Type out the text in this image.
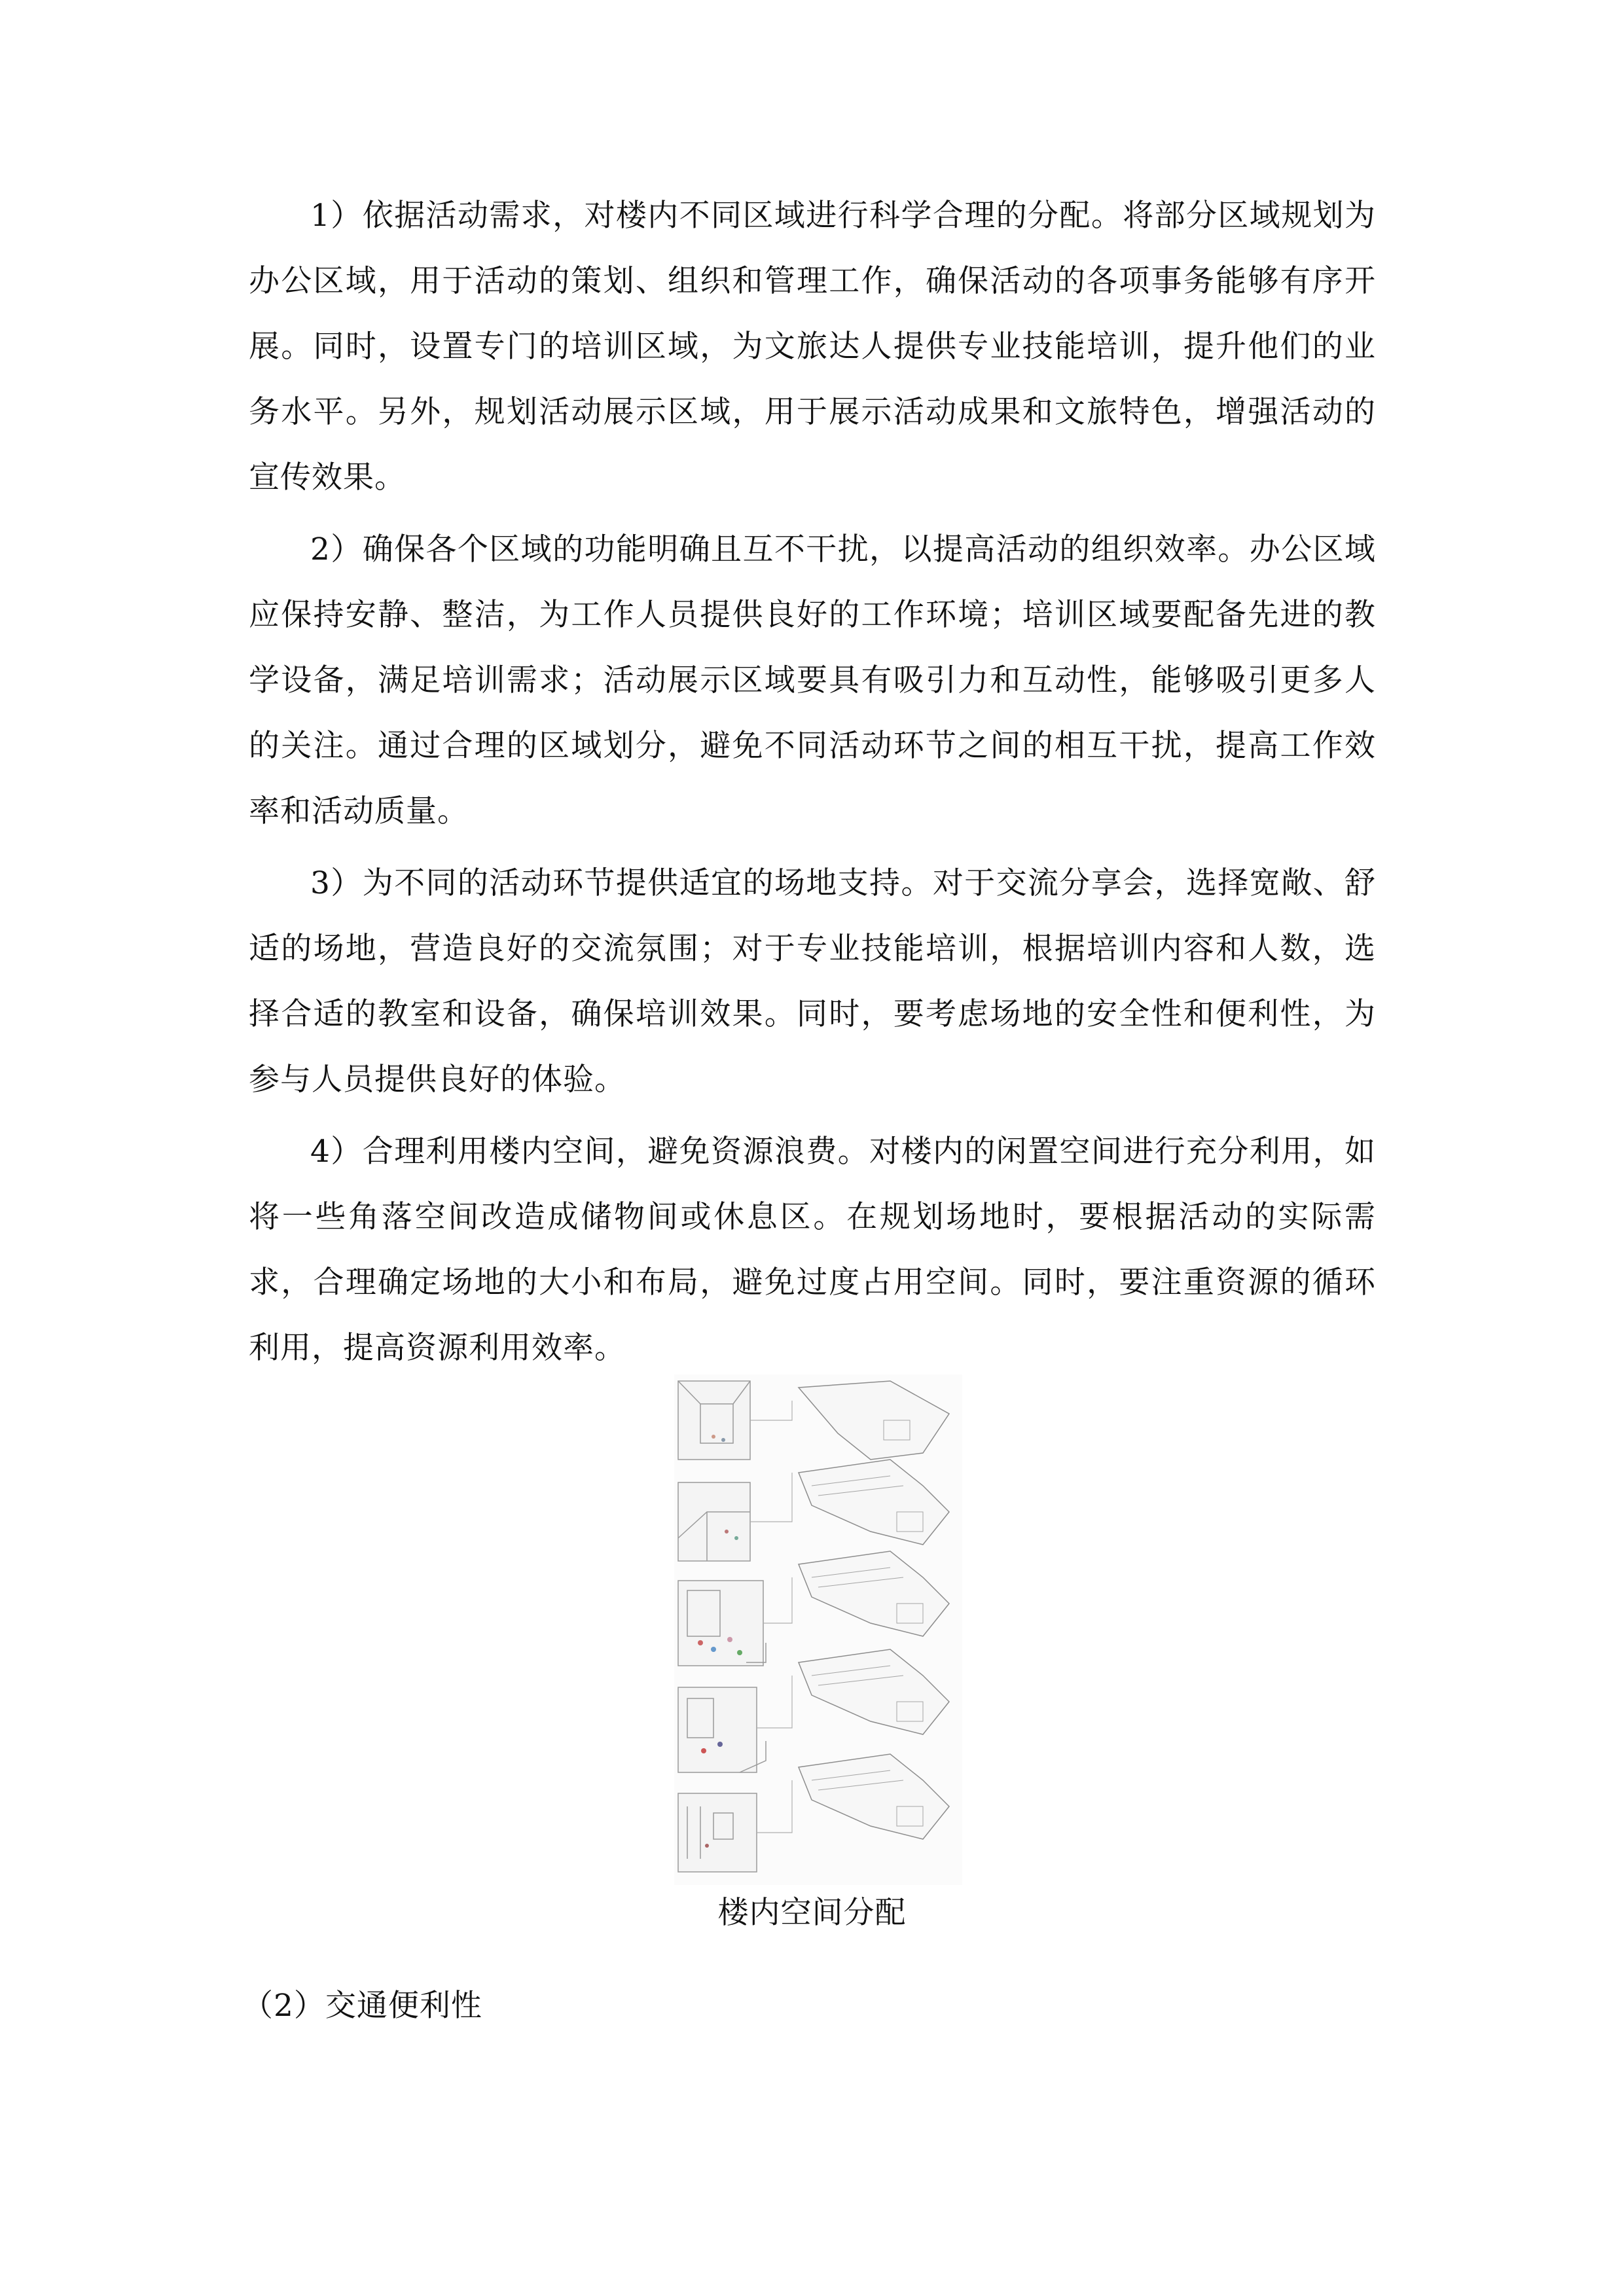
1）依据活动需求，对楼内不同区域进行科学合理的分配。将部分区域规划为办公区域，用于活动的策划、组织和管理工作，确保活动的各项事务能够有序开展。同时，设置专门的培训区域，为文旅达人提供专业技能培训，提升他们的业务水平。另外，规划活动展示区域，用于展示活动成果和文旅特色，增强活动的宣传效果。

2）确保各个区域的功能明确且互不干扰，以提高活动的组织效率。办公区域应保持安静、整洁，为工作人员提供良好的工作环境；培训区域要配备先进的教学设备，满足培训需求；活动展示区域要具有吸引力和互动性，能够吸引更多人的关注。通过合理的区域划分，避免不同活动环节之间的相互干扰，提高工作效率和活动质量。

3）为不同的活动环节提供适宜的场地支持。对于交流分享会，选择宽敞、舒适的场地，营造良好的交流氛围；对于专业技能培训，根据培训内容和人数，选择合适的教室和设备，确保培训效果。同时，要考虑场地的安全性和便利性，为参与人员提供良好的体验。

4）合理利用楼内空间，避免资源浪费。对楼内的闲置空间进行充分利用，如将一些角落空间改造成储物间或休息区。在规划场地时，要根据活动的实际需求，合理确定场地的大小和布局，避免过度占用空间。同时，要注重资源的循环利用，提高资源利用效率。

楼内空间分配
（2）交通便利性
